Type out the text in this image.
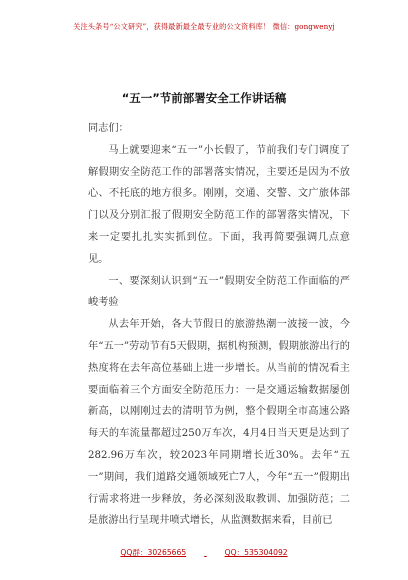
关注头条号“公文研究”，获得最新最全最专业的公文资料库！ 微信：gongwenyj
“五一”节前部署安全工作讲话稿

同志们：

马上就要迎来“五一”小长假了，节前我们专门调度了解假期安全防范工作的部署落实情况，主要还是因为不放心、不托底的地方很多。刚刚，交通、交警、文广旅体部门以及分别汇报了假期安全防范工作的部署落实情况，下来一定要扎扎实实抓到位。下面，我再简要强调几点意见。

一、要深刻认识到“五一”假期安全防范工作面临的严峻考验

从去年开始，各大节假日的旅游热潮一波接一波，今年“五一”劳动节有5天假期，据机构预测，假期旅游出行的热度将在去年高位基础上进一步增长。从当前的情况看主要面临着三个方面安全防范压力：一是交通运输数据屡创新高，以刚刚过去的清明节为例，整个假期全市高速公路每天的车流量都超过250万车次，4月4日当天更是达到了282.96万车次，较2023年同期增长近30%。去年“五一”期间，我们道路交通领域死亡7人，今年“五一”假期出行需求将进一步释放，务必深刻汲取教训、加强防范；二是旅游出行呈现井喷式增长，从监测数据来看，目前已

QQ群：30265665	QQ：535304092
